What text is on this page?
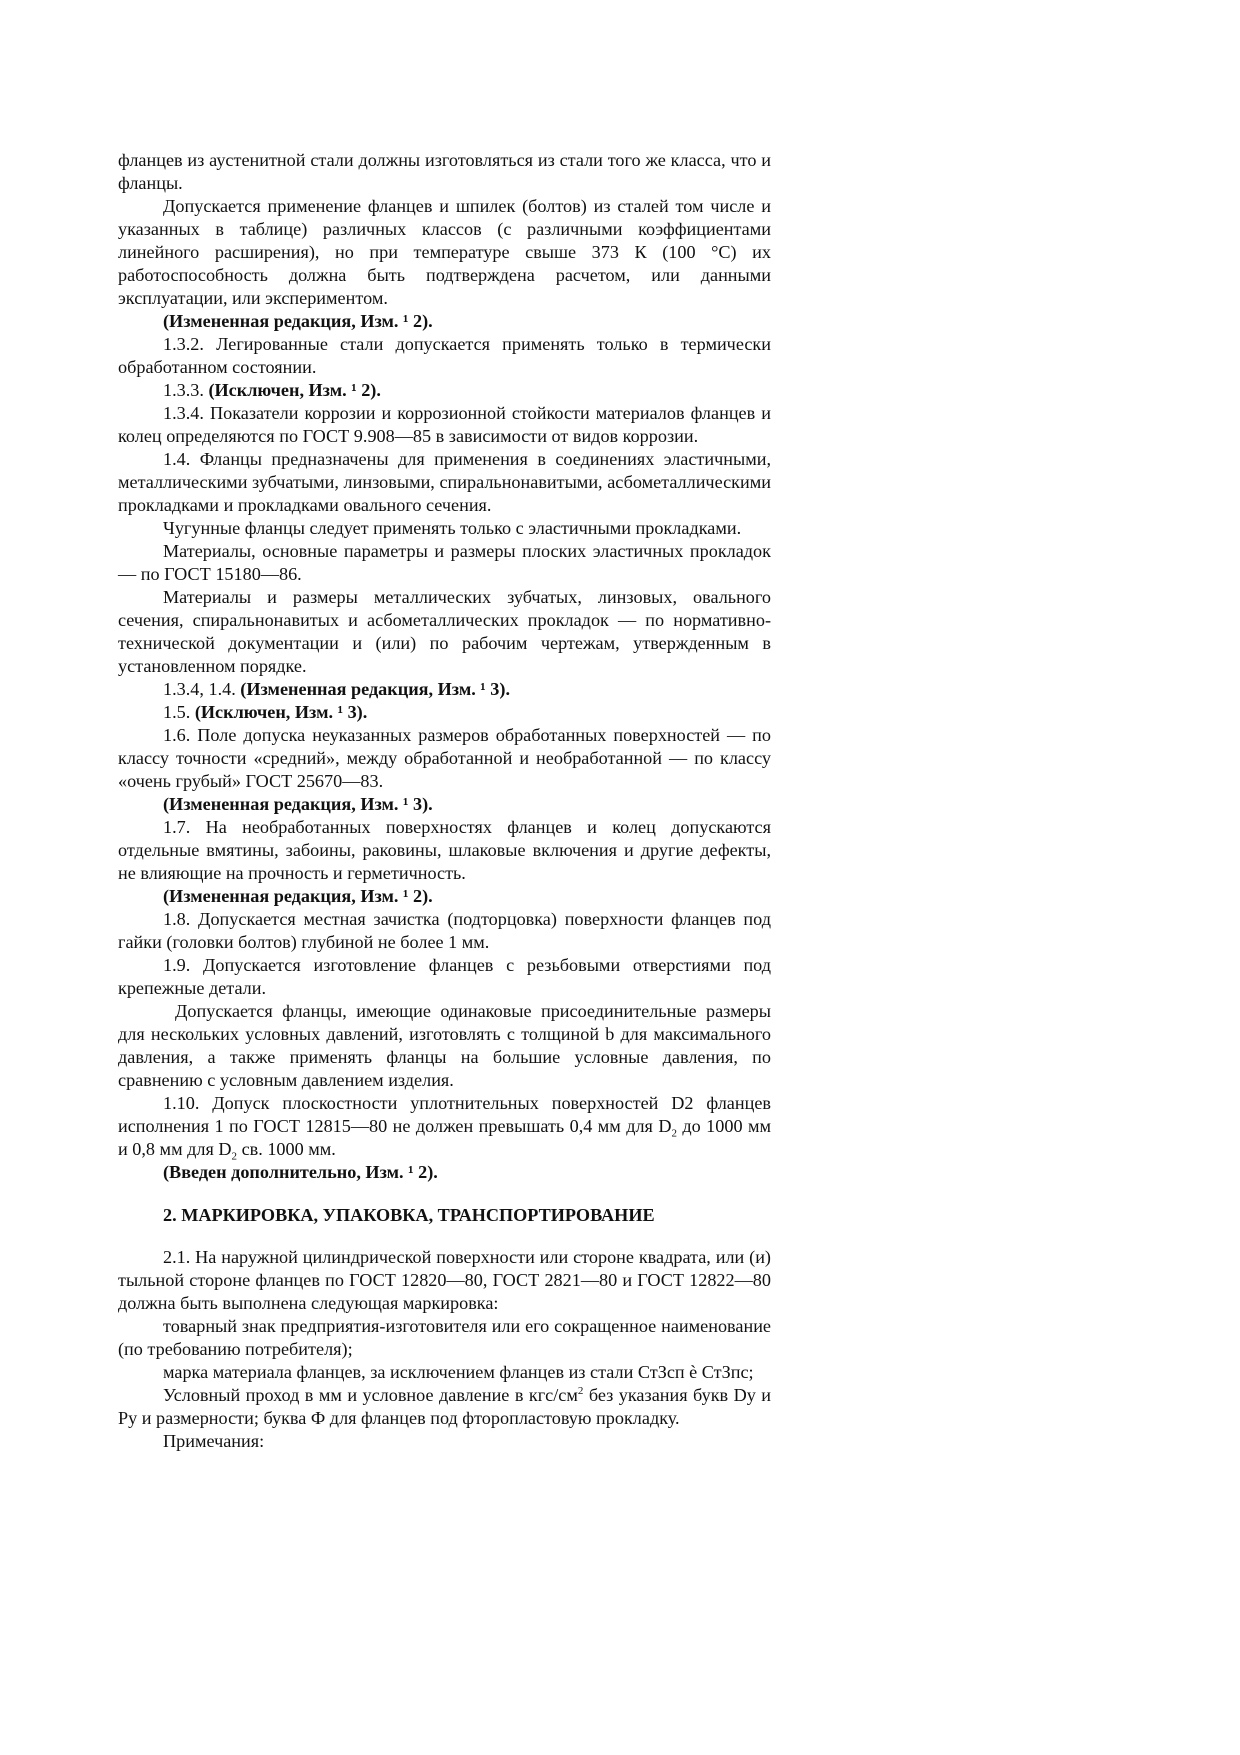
фланцев из аустенитной стали должны изготовляться из стали того же класса, что и фланцы.

Допускается применение фланцев и шпилек (болтов) из сталей том числе и указанных в таблице) различных классов (с различными коэффициентами линейного расширения), но при температуре свыше 373 К (100 °С) их работоспособность должна быть подтверждена расчетом, или данными эксплуатации, или экспериментом.

(Измененная редакция, Изм. ¹ 2).

1.3.2. Легированные стали допускается применять только в термически обработанном состоянии.

1.3.3. (Исключен, Изм. ¹ 2).

1.3.4. Показатели коррозии и коррозионной стойкости материалов фланцев и колец определяются по ГОСТ 9.908—85 в зависимости от видов коррозии.

1.4. Фланцы предназначены для применения в соединениях эластичными, металлическими зубчатыми, линзовыми, спиральнонавитыми, асбометаллическими прокладками и прокладками овального сечения.

Чугунные фланцы следует применять только с эластичными прокладками.

Материалы, основные параметры и размеры плоских эластичных прокладок — по ГОСТ 15180—86.

Материалы и размеры металлических зубчатых, линзовых, овального сечения, спиральнонавитых и асбометаллических прокладок — по нормативно-технической документации и (или) по рабочим чертежам, утвержденным в установленном порядке.

1.3.4, 1.4. (Измененная редакция, Изм. ¹ 3).

1.5. (Исключен, Изм. ¹ 3).

1.6. Поле допуска неуказанных размеров обработанных поверхностей — по классу точности «средний», между обработанной и необработанной — по классу «очень грубый» ГОСТ 25670—83.

(Измененная редакция, Изм. ¹ 3).

1.7. На необработанных поверхностях фланцев и колец допускаются отдельные вмятины, забоины, раковины, шлаковые включения и другие дефекты, не влияющие на прочность и герметичность.

(Измененная редакция, Изм. ¹ 2).

1.8. Допускается местная зачистка (подторцовка) поверхности фланцев под гайки (головки болтов) глубиной не более 1 мм.

1.9. Допускается изготовление фланцев с резьбовыми отверстиями под крепежные детали.

Допускается фланцы, имеющие одинаковые присоединительные размеры для нескольких условных давлений, изготовлять с толщиной b для максимального давления, а также применять фланцы на большие условные давления, по сравнению с условным давлением изделия.

1.10. Допуск плоскостности уплотнительных поверхностей D2 фланцев исполнения 1 по ГОСТ 12815—80 не должен превышать 0,4 мм для $D_2$ до 1000 мм и 0,8 мм для $D_2$ св. 1000 мм.

(Введен дополнительно, Изм. ¹ 2).

2. МАРКИРОВКА, УПАКОВКА, ТРАНСПОРТИРОВАНИЕ

2.1. На наружной цилиндрической поверхности или стороне квадрата, или (и) тыльной стороне фланцев по ГОСТ 12820—80, ГОСТ 2821—80 и ГОСТ 12822—80 должна быть выполнена следующая маркировка:

товарный знак предприятия-изготовителя или его сокращенное наименование (по требованию потребителя);

марка материала фланцев, за исключением фланцев из стали СтЗсп è СтЗпс;

Условный проход в мм и условное давление в кгс/$см^2$ без указания букв Dу и Pу и размерности; буква Ф для фланцев под фторопластовую прокладку.

Примечания:
